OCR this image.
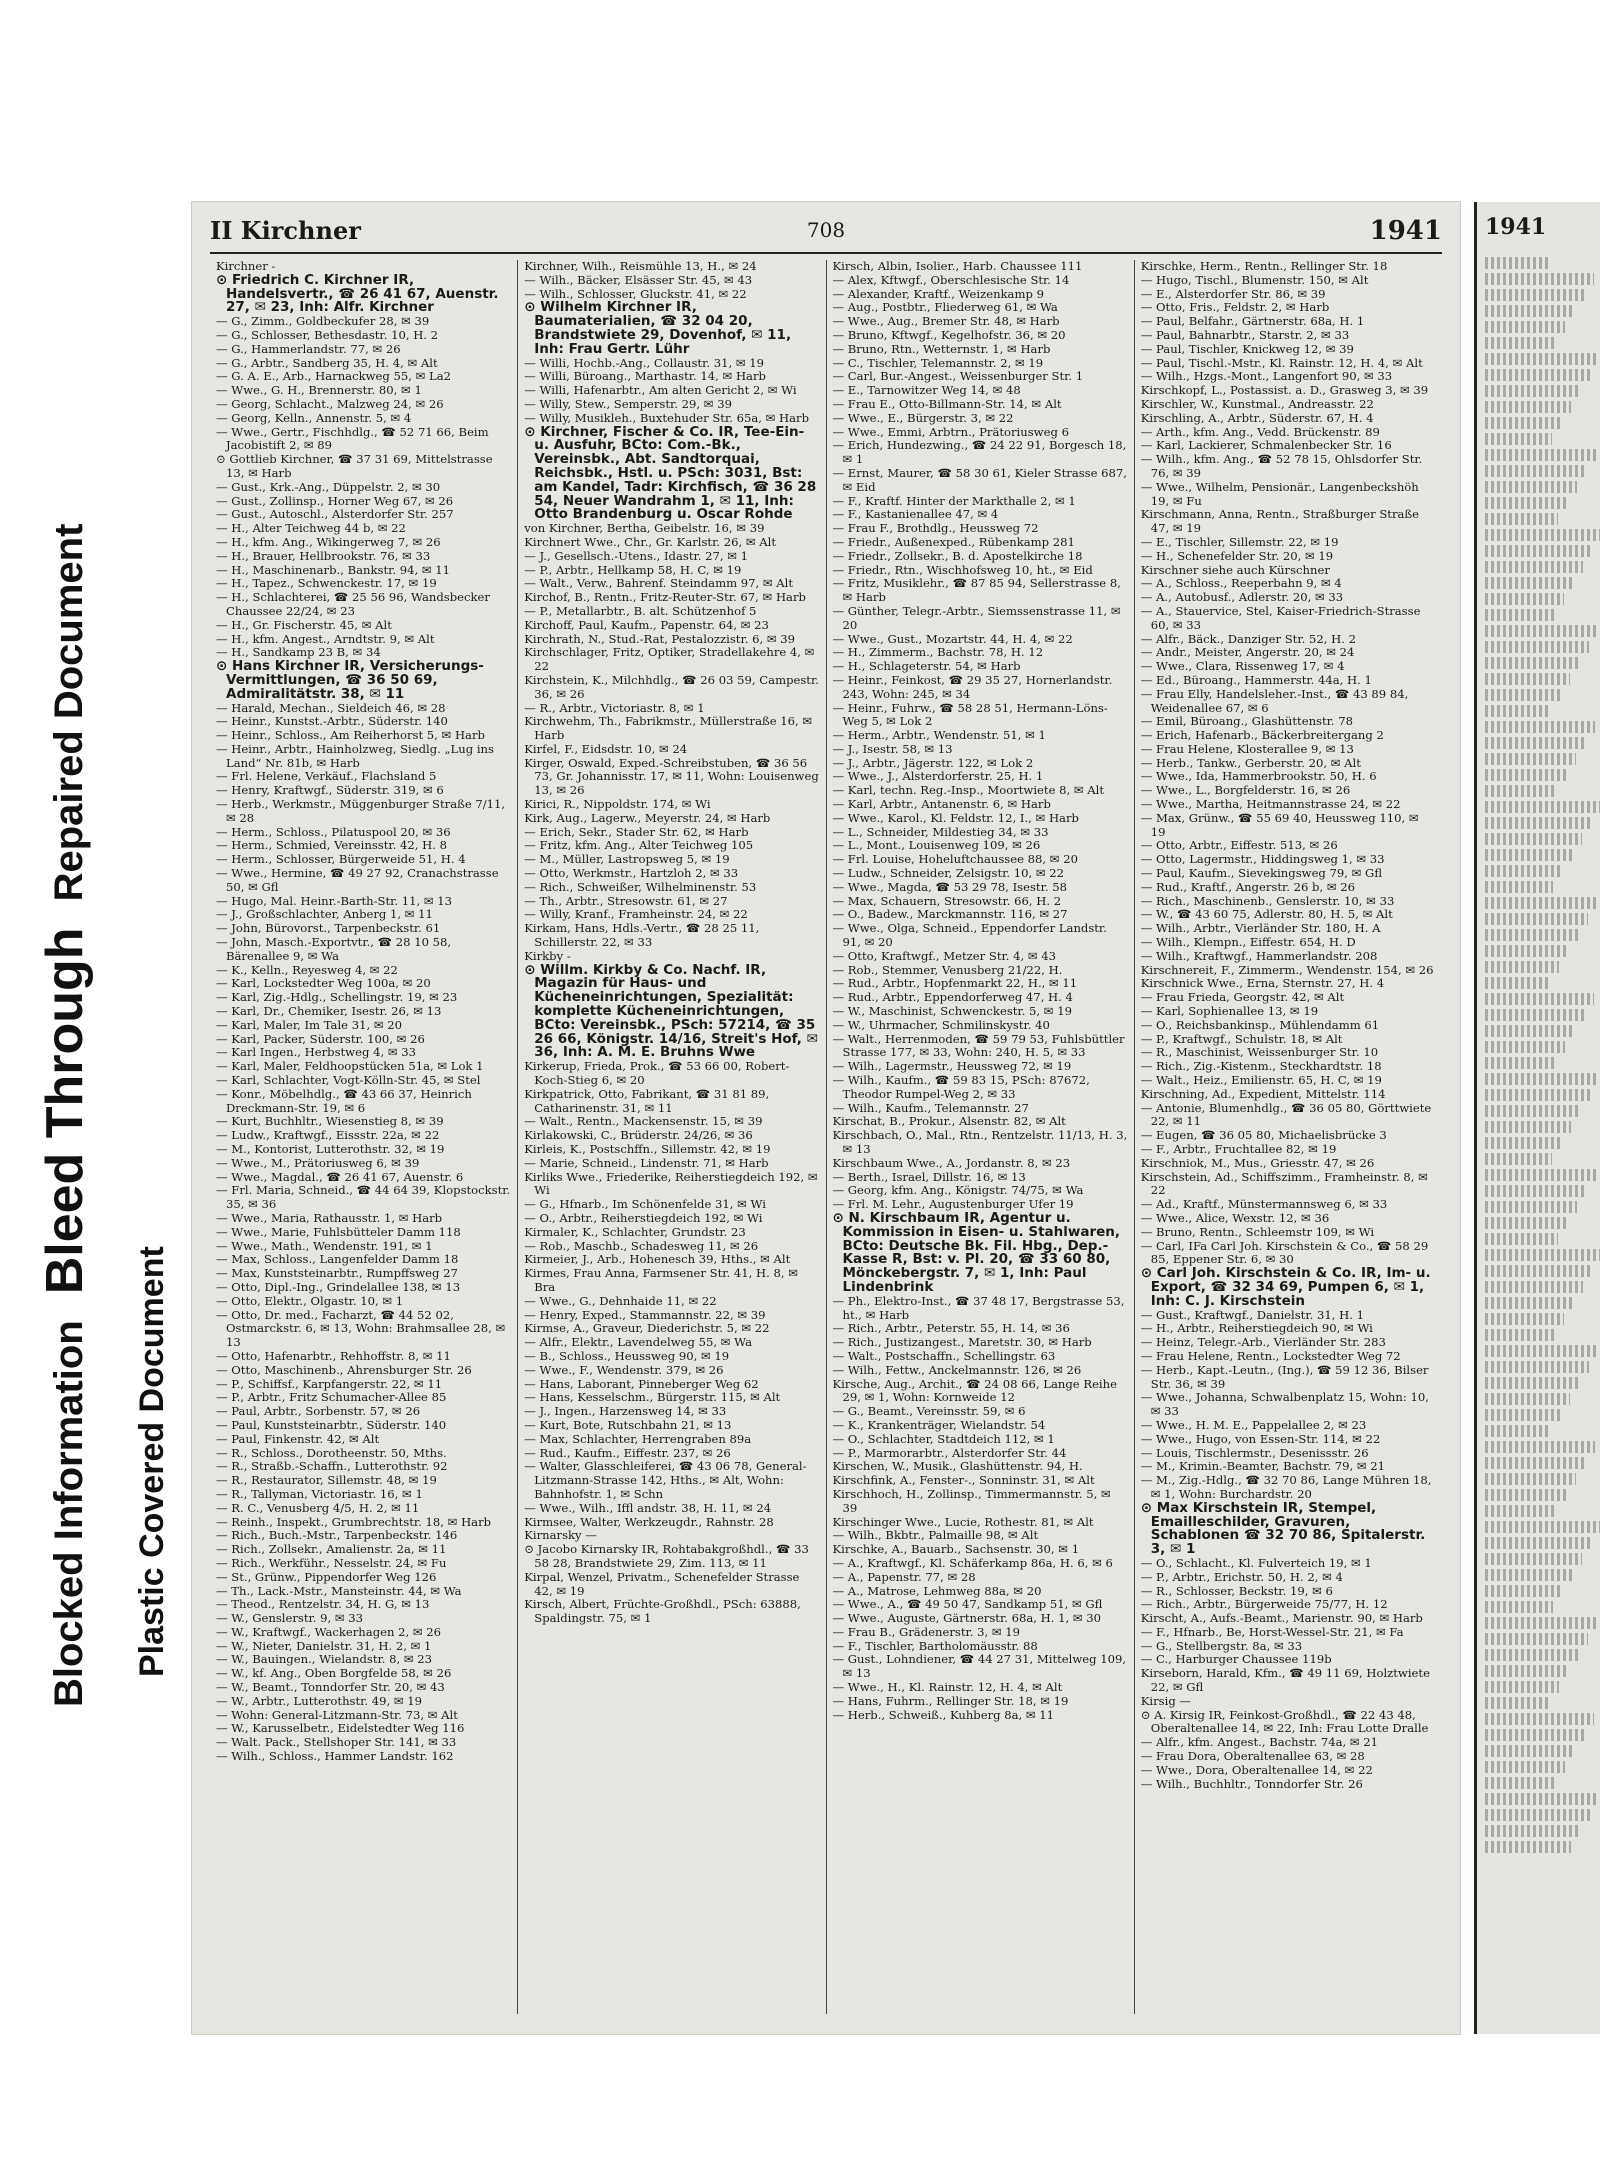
Blocked InformationBleed ThroughRepaired Document
Plastic Covered Document
II Kirchner	708	1941

Kirchner -

⊙ Friedrich C. Kirchner IR, Handelsvertr., ☎ 26 41 67, Auenstr. 27, ✉ 23, Inh: Alfr. Kirchner

— G., Zimm., Goldbeckufer 28, ✉ 39

— G., Schlosser, Bethesdastr. 10, H. 2

— G., Hammerlandstr. 77, ✉ 26

— G., Arbtr., Sandberg 35, H. 4, ✉ Alt

— G. A. E., Arb., Harnackweg 55, ✉ La2

— Wwe., G. H., Brennerstr. 80, ✉ 1

— Georg, Schlacht., Malzweg 24, ✉ 26

— Georg, Kelln., Annenstr. 5, ✉ 4

— Wwe., Gertr., Fischhdlg., ☎ 52 71 66, Beim Jacobistift 2, ✉ 89

⊙ Gottlieb Kirchner, ☎ 37 31 69, Mittelstrasse 13, ✉ Harb

— Gust., Krk.-Ang., Düppelstr. 2, ✉ 30

— Gust., Zollinsp., Horner Weg 67, ✉ 26

— Gust., Autoschl., Alsterdorfer Str. 257

— H., Alter Teichweg 44 b, ✉ 22

— H., kfm. Ang., Wikingerweg 7, ✉ 26

— H., Brauer, Hellbrookstr. 76, ✉ 33

— H., Maschinenarb., Bankstr. 94, ✉ 11

— H., Tapez., Schwenckestr. 17, ✉ 19

— H., Schlachterei, ☎ 25 56 96, Wandsbecker Chaussee 22/24, ✉ 23

— H., Gr. Fischerstr. 45, ✉ Alt

— H., kfm. Angest., Arndtstr. 9, ✉ Alt

— H., Sandkamp 23 B, ✉ 34

⊙ Hans Kirchner IR, Versicherungs-Vermittlungen, ☎ 36 50 69, Admiralitätstr. 38, ✉ 11

— Harald, Mechan., Sieldeich 46, ✉ 28

— Heinr., Kunstst.-Arbtr., Süderstr. 140

— Heinr., Schloss., Am Reiherhorst 5, ✉ Harb

— Heinr., Arbtr., Hainholzweg, Siedlg. „Lug ins Land“ Nr. 81b, ✉ Harb

— Frl. Helene, Verkäuf., Flachsland 5

— Henry, Kraftwgf., Süderstr. 319, ✉ 6

— Herb., Werkmstr., Müggenburger Straße 7/11, ✉ 28

— Herm., Schloss., Pilatuspool 20, ✉ 36

— Herm., Schmied, Vereinsstr. 42, H. 8

— Herm., Schlosser, Bürgerweide 51, H. 4

— Wwe., Hermine, ☎ 49 27 92, Cranachstrasse 50, ✉ Gfl

— Hugo, Mal. Heinr.-Barth-Str. 11, ✉ 13

— J., Großschlachter, Anberg 1, ✉ 11

— John, Bürovorst., Tarpenbeckstr. 61

— John, Masch.-Exportvtr., ☎ 28 10 58, Bärenallee 9, ✉ Wa

— K., Kelln., Reyesweg 4, ✉ 22

— Karl, Lockstedter Weg 100a, ✉ 20

— Karl, Zig.-Hdlg., Schellingstr. 19, ✉ 23

— Karl, Dr., Chemiker, Isestr. 26, ✉ 13

— Karl, Maler, Im Tale 31, ✉ 20

— Karl, Packer, Süderstr. 100, ✉ 26

— Karl Ingen., Herbstweg 4, ✉ 33

— Karl, Maler, Feldhoopstücken 51a, ✉ Lok 1

— Karl, Schlachter, Vogt-Kölln-Str. 45, ✉ Stel

— Konr., Möbelhdlg., ☎ 43 66 37, Heinrich Dreckmann-Str. 19, ✉ 6

— Kurt, Buchhltr., Wiesenstieg 8, ✉ 39

— Ludw., Kraftwgf., Eissstr. 22a, ✉ 22

— M., Kontorist, Lutterothstr. 32, ✉ 19

— Wwe., M., Prätoriusweg 6, ✉ 39

— Wwe., Magdal., ☎ 26 41 67, Auenstr. 6

— Frl. Maria, Schneid., ☎ 44 64 39, Klopstockstr. 35, ✉ 36

— Wwe., Maria, Rathausstr. 1, ✉ Harb

— Wwe., Marie, Fuhlsbütteler Damm 118

— Wwe., Math., Wendenstr. 191, ✉ 1

— Max, Schloss., Langenfelder Damm 18

— Max, Kunststeinarbtr., Rumpffsweg 27

— Otto, Dipl.-Ing., Grindelallee 138, ✉ 13

— Otto, Elektr., Olgastr. 10, ✉ 1

— Otto, Dr. med., Facharzt, ☎ 44 52 02, Ostmarckstr. 6, ✉ 13, Wohn: Brahmsallee 28, ✉ 13

— Otto, Hafenarbtr., Rehhoffstr. 8, ✉ 11

— Otto, Maschinenb., Ahrensburger Str. 26

— P., Schiffsf., Karpfangerstr. 22, ✉ 11

— P., Arbtr., Fritz Schumacher-Allee 85

— Paul, Arbtr., Sorbenstr. 57, ✉ 26

— Paul, Kunststeinarbtr., Süderstr. 140

— Paul, Finkenstr. 42, ✉ Alt

— R., Schloss., Dorotheenstr. 50, Mths.

— R., Straßb.-Schaffn., Lutterothstr. 92

— R., Restaurator, Sillemstr. 48, ✉ 19

— R., Tallyman, Victoriastr. 16, ✉ 1

— R. C., Venusberg 4/5, H. 2, ✉ 11

— Reinh., Inspekt., Grumbrechtstr. 18, ✉ Harb

— Rich., Buch.-Mstr., Tarpenbeckstr. 146

— Rich., Zollsekr., Amalienstr. 2a, ✉ 11

— Rich., Werkführ., Nesselstr. 24, ✉ Fu

— St., Grünw., Pippendorfer Weg 126

— Th., Lack.-Mstr., Mansteinstr. 44, ✉ Wa

— Theod., Rentzelstr. 34, H. G, ✉ 13

— W., Genslerstr. 9, ✉ 33

— W., Kraftwgf., Wackerhagen 2, ✉ 26

— W., Nieter, Danielstr. 31, H. 2, ✉ 1

— W., Bauingen., Wielandstr. 8, ✉ 23

— W., kf. Ang., Oben Borgfelde 58, ✉ 26

— W., Beamt., Tonndorfer Str. 20, ✉ 43

— W., Arbtr., Lutterothstr. 49, ✉ 19

— Wohn: General-Litzmann-Str. 73, ✉ Alt

— W., Karusselbetr., Eidelstedter Weg 116

— Walt. Pack., Stellshoper Str. 141, ✉ 33

— Wilh., Schloss., Hammer Landstr. 162

Kirchner, Wilh., Reismühle 13, H., ✉ 24

— Wilh., Bäcker, Elsässer Str. 45, ✉ 43

— Wilh., Schlosser, Gluckstr. 41, ✉ 22

⊙ Wilhelm Kirchner IR, Baumaterialien, ☎ 32 04 20, Brandstwiete 29, Dovenhof, ✉ 11, Inh: Frau Gertr. Lühr

— Willi, Hochb.-Ang., Collaustr. 31, ✉ 19

— Willi, Büroang., Marthastr. 14, ✉ Harb

— Willi, Hafenarbtr., Am alten Gericht 2, ✉ Wi

— Willy, Stew., Semperstr. 29, ✉ 39

— Willy, Musikleh., Buxtehuder Str. 65a, ✉ Harb

⊙ Kirchner, Fischer & Co. IR, Tee-Ein- u. Ausfuhr, BCto: Com.-Bk., Vereinsbk., Abt. Sandtorquai, Reichsbk., Hstl. u. PSch: 3031, Bst: am Kandel, Tadr: Kirchfisch, ☎ 36 28 54, Neuer Wandrahm 1, ✉ 11, Inh: Otto Brandenburg u. Oscar Rohde

von Kirchner, Bertha, Geibelstr. 16, ✉ 39

Kirchnert Wwe., Chr., Gr. Karlstr. 26, ✉ Alt

— J., Gesellsch.-Utens., Idastr. 27, ✉ 1

— P., Arbtr., Hellkamp 58, H. C, ✉ 19

— Walt., Verw., Bahrenf. Steindamm 97, ✉ Alt

Kirchof, B., Rentn., Fritz-Reuter-Str. 67, ✉ Harb

— P., Metallarbtr., B. alt. Schützenhof 5

Kirchoff, Paul, Kaufm., Papenstr. 64, ✉ 23

Kirchrath, N., Stud.-Rat, Pestalozzistr. 6, ✉ 39

Kirchschlager, Fritz, Optiker, Stradellakehre 4, ✉ 22

Kirchstein, K., Milchhdlg., ☎ 26 03 59, Campestr. 36, ✉ 26

— R., Arbtr., Victoriastr. 8, ✉ 1

Kirchwehm, Th., Fabrikmstr., Müllerstraße 16, ✉ Harb

Kirfel, F., Eidsdstr. 10, ✉ 24

Kirger, Oswald, Exped.-Schreibstuben, ☎ 36 56 73, Gr. Johannisstr. 17, ✉ 11, Wohn: Louisenweg 13, ✉ 26

Kirici, R., Nippoldstr. 174, ✉ Wi

Kirk, Aug., Lagerw., Meyerstr. 24, ✉ Harb

— Erich, Sekr., Stader Str. 62, ✉ Harb

— Fritz, kfm. Ang., Alter Teichweg 105

— M., Müller, Lastropsweg 5, ✉ 19

— Otto, Werkmstr., Hartzloh 2, ✉ 33

— Rich., Schweißer, Wilhelminenstr. 53

— Th., Arbtr., Stresowstr. 61, ✉ 27

— Willy, Kranf., Framheinstr. 24, ✉ 22

Kirkam, Hans, Hdls.-Vertr., ☎ 28 25 11, Schillerstr. 22, ✉ 33

Kirkby -

⊙ Willm. Kirkby & Co. Nachf. IR, Magazin für Haus- und Kücheneinrichtungen, Spezialität: komplette Kücheneinrichtungen, BCto: Vereinsbk., PSch: 57214, ☎ 35 26 66, Königstr. 14/16, Streit's Hof, ✉ 36, Inh: A. M. E. Bruhns Wwe

Kirkerup, Frieda, Prok., ☎ 53 66 00, Robert-Koch-Stieg 6, ✉ 20

Kirkpatrick, Otto, Fabrikant, ☎ 31 81 89, Catharinenstr. 31, ✉ 11

— Walt., Rentn., Mackensenstr. 15, ✉ 39

Kirlakowski, C., Brüderstr. 24/26, ✉ 36

Kirleis, K., Postschffn., Sillemstr. 42, ✉ 19

— Marie, Schneid., Lindenstr. 71, ✉ Harb

Kirliks Wwe., Friederike, Reiherstiegdeich 192, ✉ Wi

— G., Hfnarb., Im Schönenfelde 31, ✉ Wi

— O., Arbtr., Reiherstiegdeich 192, ✉ Wi

Kirmaler, K., Schlachter, Grundstr. 23

— Rob., Maschb., Schadesweg 11, ✉ 26

Kirmeier, J., Arb., Hohenesch 39, Hths., ✉ Alt

Kirmes, Frau Anna, Farmsener Str. 41, H. 8, ✉ Bra

— Wwe., G., Dehnhaide 11, ✉ 22

— Henry, Exped., Stammannstr. 22, ✉ 39

Kirmse, A., Graveur, Diederichstr. 5, ✉ 22

— Alfr., Elektr., Lavendelweg 55, ✉ Wa

— B., Schloss., Heussweg 90, ✉ 19

— Wwe., F., Wendenstr. 379, ✉ 26

— Hans, Laborant, Pinneberger Weg 62

— Hans, Kesselschm., Bürgerstr. 115, ✉ Alt

— J., Ingen., Harzensweg 14, ✉ 33

— Kurt, Bote, Rutschbahn 21, ✉ 13

— Max, Schlachter, Herrengraben 89a

— Rud., Kaufm., Eiffestr. 237, ✉ 26

— Walter, Glasschleiferei, ☎ 43 06 78, General-Litzmann-Strasse 142, Hths., ✉ Alt, Wohn: Bahnhofstr. 1, ✉ Schn

— Wwe., Wilh., Iffl andstr. 38, H. 11, ✉ 24

Kirmsee, Walter, Werkzeugdr., Rahnstr. 28

Kirnarsky —

⊙ Jacobo Kirnarsky IR, Rohtabakgroßhdl., ☎ 33 58 28, Brandstwiete 29, Zim. 113, ✉ 11

Kirpal, Wenzel, Privatm., Schenefelder Strasse 42, ✉ 19

Kirsch, Albert, Früchte-Großhdl., PSch: 63888, Spaldingstr. 75, ✉ 1

Kirsch, Albin, Isolier., Harb. Chaussee 111

— Alex, Kftwgf., Oberschlesische Str. 14

— Alexander, Kraftf., Weizenkamp 9

— Aug., Postbtr., Fliederweg 61, ✉ Wa

— Wwe., Aug., Bremer Str. 48, ✉ Harb

— Bruno, Kftwgf., Kegelhofstr. 36, ✉ 20

— Bruno, Rtn., Wetternstr. 1, ✉ Harb

— C., Tischler, Telemannstr. 2, ✉ 19

— Carl, Bur.-Angest., Weissenburger Str. 1

— E., Tarnowitzer Weg 14, ✉ 48

— Frau E., Otto-Billmann-Str. 14, ✉ Alt

— Wwe., E., Bürgerstr. 3, ✉ 22

— Wwe., Emmi, Arbtrn., Prätoriusweg 6

— Erich, Hundezwing., ☎ 24 22 91, Borgesch 18, ✉ 1

— Ernst, Maurer, ☎ 58 30 61, Kieler Strasse 687, ✉ Eid

— F., Kraftf. Hinter der Markthalle 2, ✉ 1

— F., Kastanienallee 47, ✉ 4

— Frau F., Brothdlg., Heussweg 72

— Friedr., Außenexped., Rübenkamp 281

— Friedr., Zollsekr., B. d. Apostelkirche 18

— Friedr., Rtn., Wischhofsweg 10, ht., ✉ Eid

— Fritz, Musiklehr., ☎ 87 85 94, Sellerstrasse 8, ✉ Harb

— Günther, Telegr.-Arbtr., Siemssenstrasse 11, ✉ 20

— Wwe., Gust., Mozartstr. 44, H. 4, ✉ 22

— H., Zimmerm., Bachstr. 78, H. 12

— H., Schlageterstr. 54, ✉ Harb

— Heinr., Feinkost, ☎ 29 35 27, Hornerlandstr. 243, Wohn: 245, ✉ 34

— Heinr., Fuhrw., ☎ 58 28 51, Hermann-Löns-Weg 5, ✉ Lok 2

— Herm., Arbtr., Wendenstr. 51, ✉ 1

— J., Isestr. 58, ✉ 13

— J., Arbtr., Jägerstr. 122, ✉ Lok 2

— Wwe., J., Alsterdorferstr. 25, H. 1

— Karl, techn. Reg.-Insp., Moortwiete 8, ✉ Alt

— Karl, Arbtr., Antanenstr. 6, ✉ Harb

— Wwe., Karol., Kl. Feldstr. 12, I., ✉ Harb

— L., Schneider, Mildestieg 34, ✉ 33

— L., Mont., Louisenweg 109, ✉ 26

— Frl. Louise, Hoheluftchaussee 88, ✉ 20

— Ludw., Schneider, Zelsigstr. 10, ✉ 22

— Wwe., Magda, ☎ 53 29 78, Isestr. 58

— Max, Schauern, Stresowstr. 66, H. 2

— O., Badew., Marckmannstr. 116, ✉ 27

— Wwe., Olga, Schneid., Eppendorfer Landstr. 91, ✉ 20

— Otto, Kraftwgf., Metzer Str. 4, ✉ 43

— Rob., Stemmer, Venusberg 21/22, H.

— Rud., Arbtr., Hopfenmarkt 22, H., ✉ 11

— Rud., Arbtr., Eppendorferweg 47, H. 4

— W., Maschinist, Schwenckestr. 5, ✉ 19

— W., Uhrmacher, Schmilinskystr. 40

— Walt., Herrenmoden, ☎ 59 79 53, Fuhlsbüttler Strasse 177, ✉ 33, Wohn: 240, H. 5, ✉ 33

— Wilh., Lagermstr., Heussweg 72, ✉ 19

— Wilh., Kaufm., ☎ 59 83 15, PSch: 87672, Theodor Rumpel-Weg 2, ✉ 33

— Wilh., Kaufm., Telemannstr. 27

Kirschat, B., Prokur., Alsenstr. 82, ✉ Alt

Kirschbach, O., Mal., Rtn., Rentzelstr. 11/13, H. 3, ✉ 13

Kirschbaum Wwe., A., Jordanstr. 8, ✉ 23

— Berth., Israel, Dillstr. 16, ✉ 13

— Georg, kfm. Ang., Königstr. 74/75, ✉ Wa

— Frl. M. Lehr., Augustenburger Ufer 19

⊙ N. Kirschbaum IR, Agentur u. Kommission in Eisen- u. Stahlwaren, BCto: Deutsche Bk. Fil. Hbg., Dep.-Kasse R, Bst: v. Pl. 20, ☎ 33 60 80, Mönckebergstr. 7, ✉ 1, Inh: Paul Lindenbrink

— Ph., Elektro-Inst., ☎ 37 48 17, Bergstrasse 53, ht., ✉ Harb

— Rich., Arbtr., Peterstr. 55, H. 14, ✉ 36

— Rich., Justizangest., Maretstr. 30, ✉ Harb

— Walt., Postschaffn., Schellingstr. 63

— Wilh., Fettw., Anckelmannstr. 126, ✉ 26

Kirsche, Aug., Archit., ☎ 24 08 66, Lange Reihe 29, ✉ 1, Wohn: Kornweide 12

— G., Beamt., Vereinsstr. 59, ✉ 6

— K., Krankenträger, Wielandstr. 54

— O., Schlachter, Stadtdeich 112, ✉ 1

— P., Marmorarbtr., Alsterdorfer Str. 44

Kirschen, W., Musik., Glashüttenstr. 94, H.

Kirschfink, A., Fenster-., Sonninstr. 31, ✉ Alt

Kirschhoch, H., Zollinsp., Timmermannstr. 5, ✉ 39

Kirschinger Wwe., Lucie, Rothestr. 81, ✉ Alt

— Wilh., Bkbtr., Palmaille 98, ✉ Alt

Kirschke, A., Bauarb., Sachsenstr. 30, ✉ 1

— A., Kraftwgf., Kl. Schäferkamp 86a, H. 6, ✉ 6

— A., Papenstr. 77, ✉ 28

— A., Matrose, Lehmweg 88a, ✉ 20

— Wwe., A., ☎ 49 50 47, Sandkamp 51, ✉ Gfl

— Wwe., Auguste, Gärtnerstr. 68a, H. 1, ✉ 30

— Frau B., Grädenerstr. 3, ✉ 19

— F., Tischler, Bartholomäusstr. 88

— Gust., Lohndiener, ☎ 44 27 31, Mittelweg 109, ✉ 13

— Wwe., H., Kl. Rainstr. 12, H. 4, ✉ Alt

— Hans, Fuhrm., Rellinger Str. 18, ✉ 19

— Herb., Schweiß., Kuhberg 8a, ✉ 11

Kirschke, Herm., Rentn., Rellinger Str. 18

— Hugo, Tischl., Blumenstr. 150, ✉ Alt

— E., Alsterdorfer Str. 86, ✉ 39

— Otto, Fris., Feldstr. 2, ✉ Harb

— Paul, Belfahr., Gärtnerstr. 68a, H. 1

— Paul, Bahnarbtr., Starstr. 2, ✉ 33

— Paul, Tischler, Knickweg 12, ✉ 39

— Paul, Tischl.-Mstr., Kl. Rainstr. 12, H. 4, ✉ Alt

— Wilh., Hzgs.-Mont., Langenfort 90, ✉ 33

Kirschkopf, L., Postassist. a. D., Grasweg 3, ✉ 39

Kirschler, W., Kunstmal., Andreasstr. 22

Kirschling, A., Arbtr., Süderstr. 67, H. 4

— Arth., kfm. Ang., Vedd. Brückenstr. 89

— Karl, Lackierer, Schmalenbecker Str. 16

— Wilh., kfm. Ang., ☎ 52 78 15, Ohlsdorfer Str. 76, ✉ 39

— Wwe., Wilhelm, Pensionär., Langenbeckshöh 19, ✉ Fu

Kirschmann, Anna, Rentn., Straßburger Straße 47, ✉ 19

— E., Tischler, Sillemstr. 22, ✉ 19

— H., Schenefelder Str. 20, ✉ 19

Kirschner siehe auch Kürschner

— A., Schloss., Reeperbahn 9, ✉ 4

— A., Autobusf., Adlerstr. 20, ✉ 33

— A., Stauervice, Stel, Kaiser-Friedrich-Strasse 60, ✉ 33

— Alfr., Bäck., Danziger Str. 52, H. 2

— Andr., Meister, Angerstr. 20, ✉ 24

— Wwe., Clara, Rissenweg 17, ✉ 4

— Ed., Büroang., Hammerstr. 44a, H. 1

— Frau Elly, Handelsleher.-Inst., ☎ 43 89 84, Weidenallee 67, ✉ 6

— Emil, Büroang., Glashüttenstr. 78

— Erich, Hafenarb., Bäckerbreitergang 2

— Frau Helene, Klosterallee 9, ✉ 13

— Herb., Tankw., Gerberstr. 20, ✉ Alt

— Wwe., Ida, Hammerbrookstr. 50, H. 6

— Wwe., L., Borgfelderstr. 16, ✉ 26

— Wwe., Martha, Heitmannstrasse 24, ✉ 22

— Max, Grünw., ☎ 55 69 40, Heussweg 110, ✉ 19

— Otto, Arbtr., Eiffestr. 513, ✉ 26

— Otto, Lagermstr., Hiddingsweg 1, ✉ 33

— Paul, Kaufm., Sievekingsweg 79, ✉ Gfl

— Rud., Kraftf., Angerstr. 26 b, ✉ 26

— Rich., Maschinenb., Genslerstr. 10, ✉ 33

— W., ☎ 43 60 75, Adlerstr. 80, H. 5, ✉ Alt

— Wilh., Arbtr., Vierländer Str. 180, H. A

— Wilh., Klempn., Eiffestr. 654, H. D

— Wilh., Kraftwgf., Hammerlandstr. 208

Kirschnereit, F., Zimmerm., Wendenstr. 154, ✉ 26

Kirschnick Wwe., Erna, Sternstr. 27, H. 4

— Frau Frieda, Georgstr. 42, ✉ Alt

— Karl, Sophienallee 13, ✉ 19

— O., Reichsbankinsp., Mühlendamm 61

— P., Kraftwgf., Schulstr. 18, ✉ Alt

— R., Maschinist, Weissenburger Str. 10

— Rich., Zig.-Kistenm., Steckhardtstr. 18

— Walt., Heiz., Emilienstr. 65, H. C, ✉ 19

Kirschning, Ad., Expedient, Mittelstr. 114

— Antonie, Blumenhdlg., ☎ 36 05 80, Görttwiete 22, ✉ 11

— Eugen, ☎ 36 05 80, Michaelisbrücke 3

— F., Arbtr., Fruchtallee 82, ✉ 19

Kirschniok, M., Mus., Griesstr. 47, ✉ 26

Kirschstein, Ad., Schiffszimm., Framheinstr. 8, ✉ 22

— Ad., Kraftf., Münstermannsweg 6, ✉ 33

— Wwe., Alice, Wexstr. 12, ✉ 36

— Bruno, Rentn., Schleemstr 109, ✉ Wi

— Carl, IFa Carl Joh. Kirschstein & Co., ☎ 58 29 85, Eppener Str. 6, ✉ 30

⊙ Carl Joh. Kirschstein & Co. IR, Im- u. Export, ☎ 32 34 69, Pumpen 6, ✉ 1, Inh: C. J. Kirschstein

— Gust., Kraftwgf., Danielstr. 31, H. 1

— H., Arbtr., Reiherstiegdeich 90, ✉ Wi

— Heinz, Telegr.-Arb., Vierländer Str. 283

— Frau Helene, Rentn., Lockstedter Weg 72

— Herb., Kapt.-Leutn., (Ing.), ☎ 59 12 36, Bilser Str. 36, ✉ 39

— Wwe., Johanna, Schwalbenplatz 15, Wohn: 10, ✉ 33

— Wwe., H. M. E., Pappelallee 2, ✉ 23

— Wwe., Hugo, von Essen-Str. 114, ✉ 22

— Louis, Tischlermstr., Desenissstr. 26

— M., Krimin.-Beamter, Bachstr. 79, ✉ 21

— M., Zig.-Hdlg., ☎ 32 70 86, Lange Mühren 18, ✉ 1, Wohn: Burchardstr. 20

⊙ Max Kirschstein IR, Stempel, Emailleschilder, Gravuren, Schablonen ☎ 32 70 86, Spitalerstr. 3, ✉ 1

— O., Schlacht., Kl. Fulverteich 19, ✉ 1

— P., Arbtr., Erichstr. 50, H. 2, ✉ 4

— R., Schlosser, Beckstr. 19, ✉ 6

— Rich., Arbtr., Bürgerweide 75/77, H. 12

Kirscht, A., Aufs.-Beamt., Marienstr. 90, ✉ Harb

— F., Hfnarb., Be, Horst-Wessel-Str. 21, ✉ Fa

— G., Stellbergstr. 8a, ✉ 33

— C., Harburger Chaussee 119b

Kirseborn, Harald, Kfm., ☎ 49 11 69, Holztwiete 22, ✉ Gfl

Kirsig —

⊙ A. Kirsig IR, Feinkost-Großhdl., ☎ 22 43 48, Oberaltenallee 14, ✉ 22, Inh: Frau Lotte Dralle

— Alfr., kfm. Angest., Bachstr. 74a, ✉ 21

— Frau Dora, Oberaltenallee 63, ✉ 28

— Wwe., Dora, Oberaltenallee 14, ✉ 22

— Wilh., Buchhltr., Tonndorfer Str. 26

1941
